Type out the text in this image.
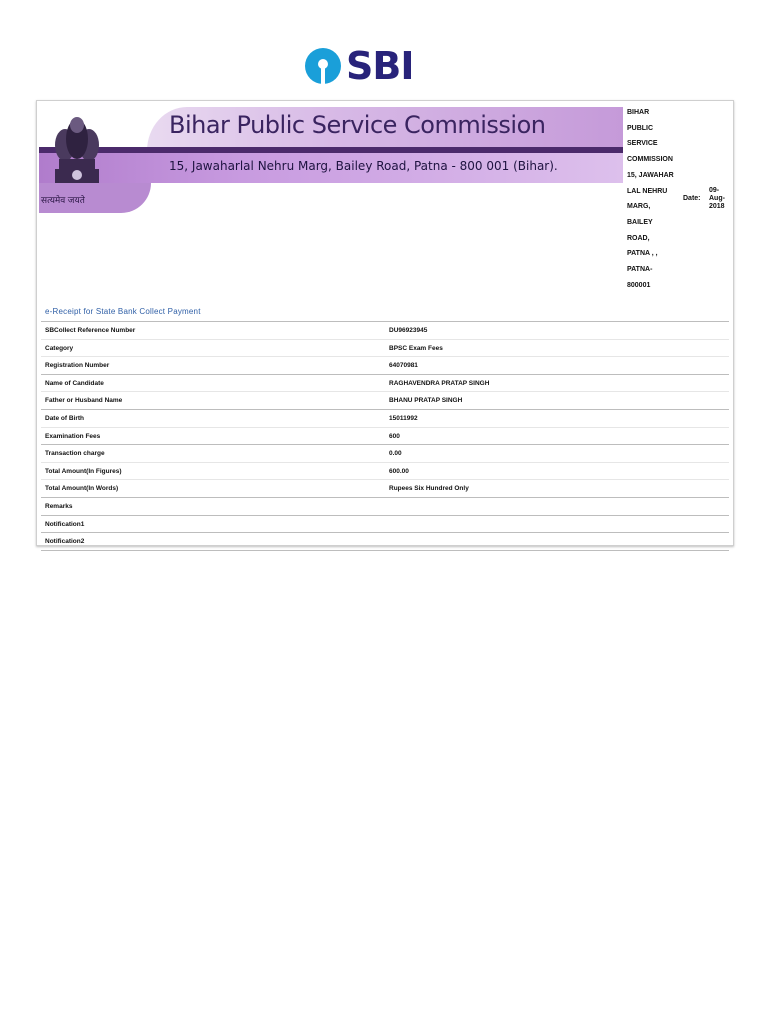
SBI
सत्यमेव जयते
Bihar Public Service Commission
15, Jawaharlal Nehru Marg, Bailey Road, Patna - 800 001 (Bihar).
BIHAR
PUBLIC
SERVICE
COMMISSION
15, JAWAHAR
LAL NEHRU
MARG,
BAILEY
ROAD,
PATNA , ,
PATNA-
800001
Date:
09-Aug-2018
e-Receipt for State Bank Collect Payment
SBCollect Reference Number	DU96923945
Category	BPSC Exam Fees
Registration Number	64070981
Name of Candidate	RAGHAVENDRA PRATAP SINGH
Father or Husband Name	BHANU PRATAP SINGH
Date of Birth	15011992
Examination Fees	600
Transaction charge	0.00
Total Amount(In Figures)	600.00
Total Amount(In Words)	Rupees Six Hundred Only
Remarks
Notification1
Notification2
